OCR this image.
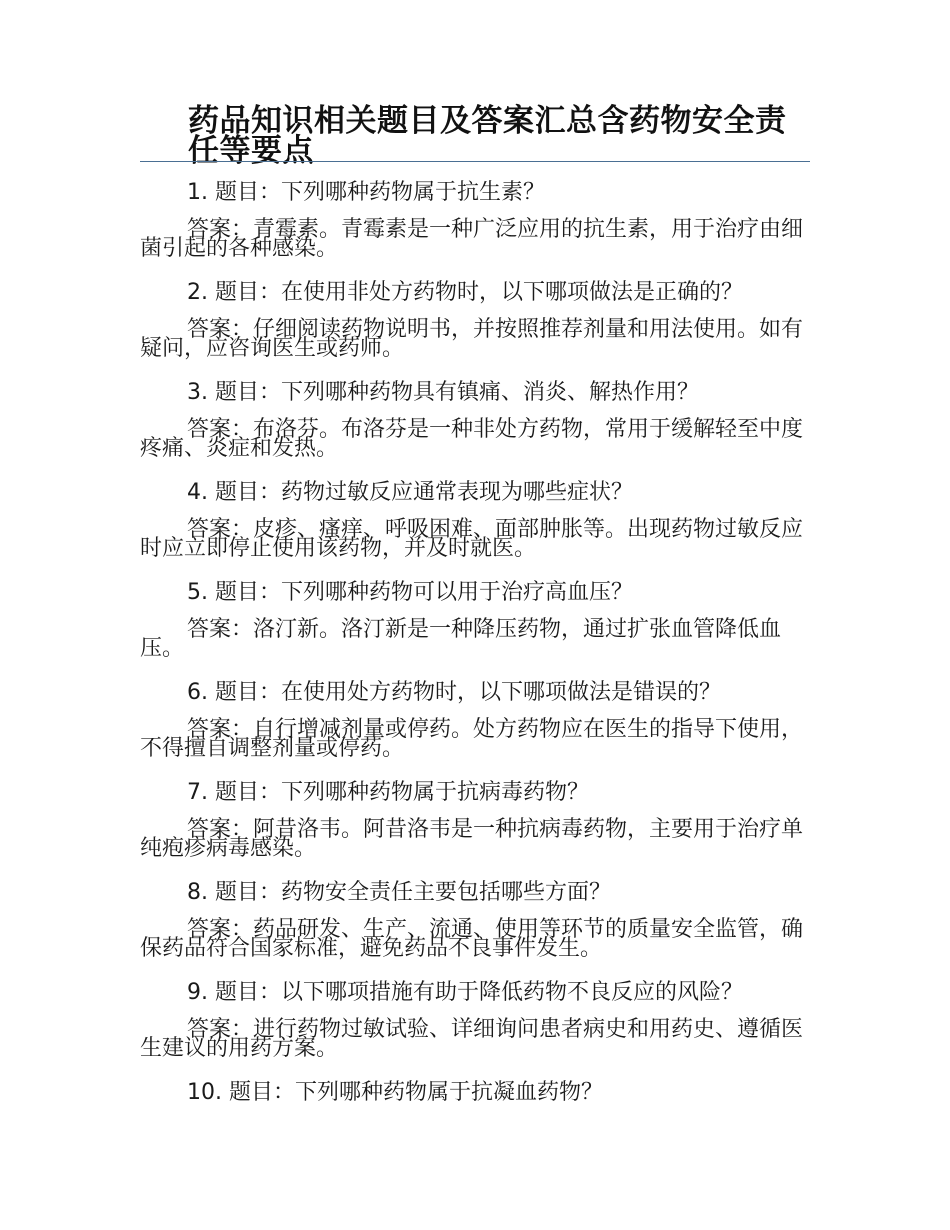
药品知识相关题目及答案汇总含药物安全责任等要点

1. 题目：下列哪种药物属于抗生素？

答案：青霉素。青霉素是一种广泛应用的抗生素，用于治疗由细菌引起的各种感染。

2. 题目：在使用非处方药物时，以下哪项做法是正确的？

答案：仔细阅读药物说明书，并按照推荐剂量和用法使用。如有疑问，应咨询医生或药师。

3. 题目：下列哪种药物具有镇痛、消炎、解热作用？

答案：布洛芬。布洛芬是一种非处方药物，常用于缓解轻至中度疼痛、炎症和发热。

4. 题目：药物过敏反应通常表现为哪些症状？

答案：皮疹、瘙痒、呼吸困难、面部肿胀等。出现药物过敏反应时应立即停止使用该药物，并及时就医。

5. 题目：下列哪种药物可以用于治疗高血压？

答案：洛汀新。洛汀新是一种降压药物，通过扩张血管降低血压。

6. 题目：在使用处方药物时，以下哪项做法是错误的？

答案：自行增减剂量或停药。处方药物应在医生的指导下使用，不得擅自调整剂量或停药。

7. 题目：下列哪种药物属于抗病毒药物？

答案：阿昔洛韦。阿昔洛韦是一种抗病毒药物，主要用于治疗单纯疱疹病毒感染。

8. 题目：药物安全责任主要包括哪些方面？

答案：药品研发、生产、流通、使用等环节的质量安全监管，确保药品符合国家标准，避免药品不良事件发生。

9. 题目：以下哪项措施有助于降低药物不良反应的风险？

答案：进行药物过敏试验、详细询问患者病史和用药史、遵循医生建议的用药方案。

10. 题目：下列哪种药物属于抗凝血药物？
